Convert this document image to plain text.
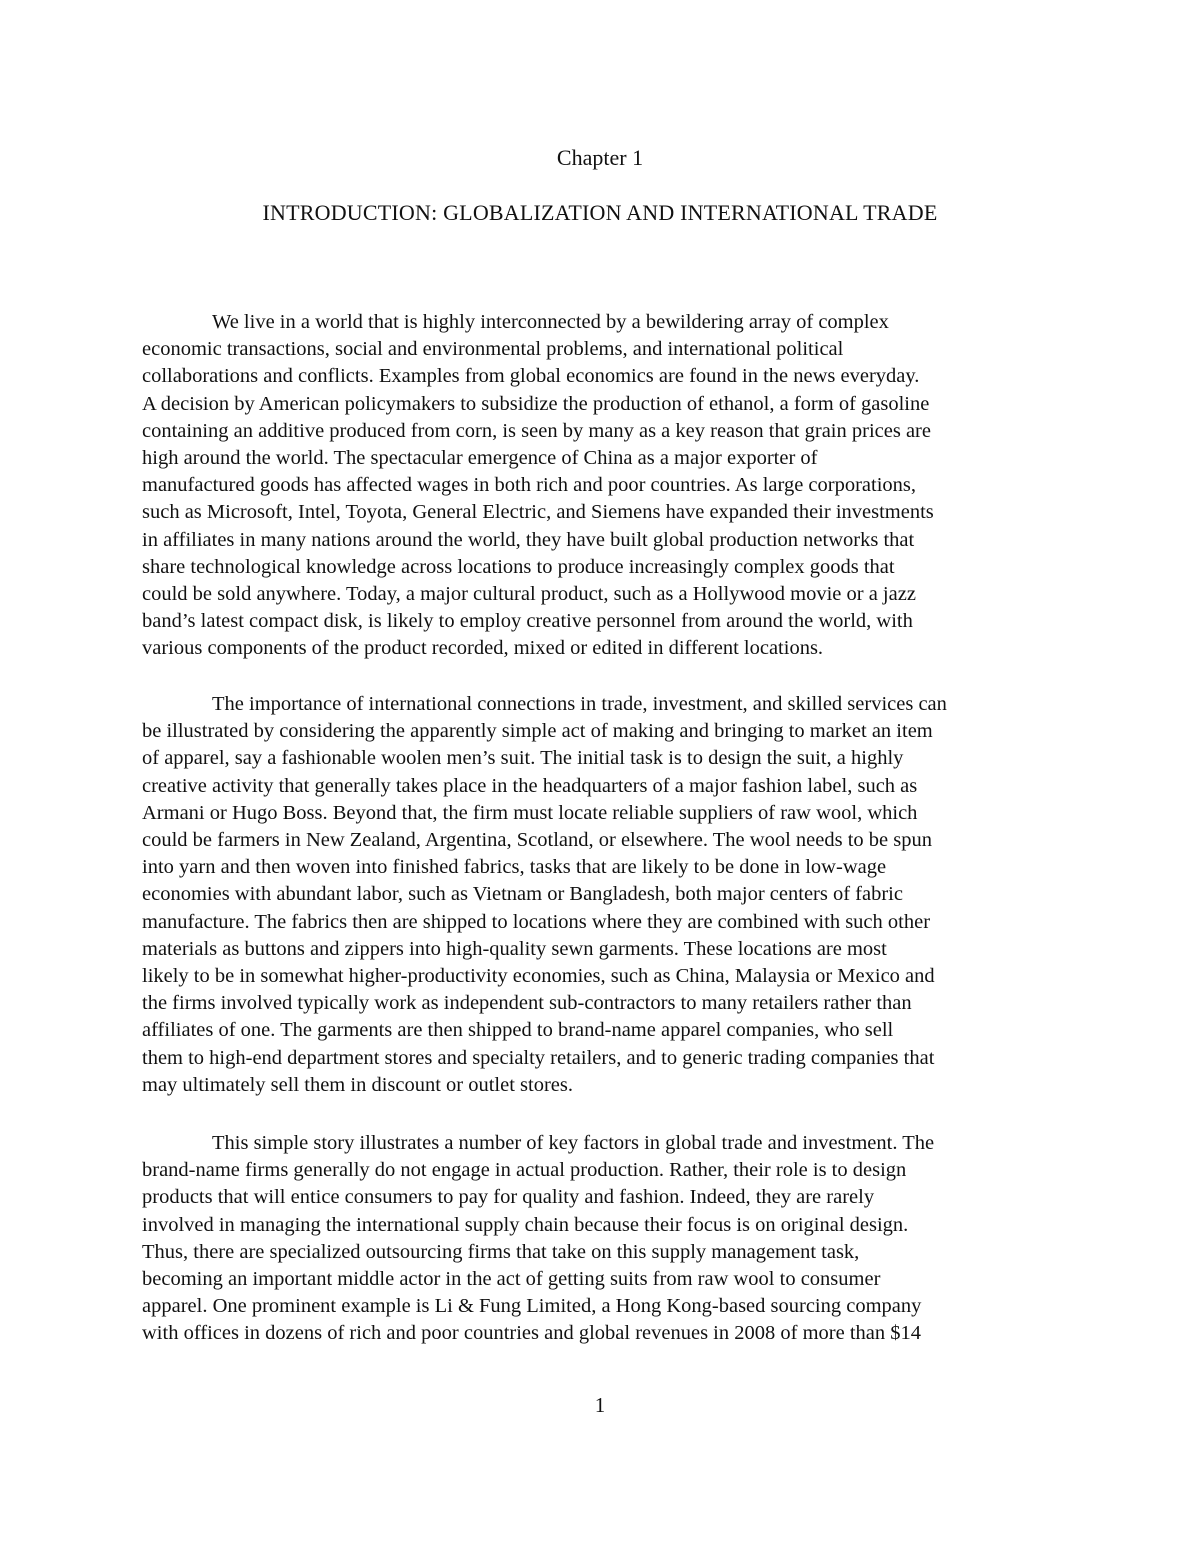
Chapter 1
INTRODUCTION: GLOBALIZATION AND INTERNATIONAL TRADE

We live in a world that is highly interconnected by a bewildering array of complex
economic transactions, social and environmental problems, and international political
collaborations and conflicts. Examples from global economics are found in the news everyday.
A decision by American policymakers to subsidize the production of ethanol, a form of gasoline
containing an additive produced from corn, is seen by many as a key reason that grain prices are
high around the world. The spectacular emergence of China as a major exporter of
manufactured goods has affected wages in both rich and poor countries. As large corporations,
such as Microsoft, Intel, Toyota, General Electric, and Siemens have expanded their investments
in affiliates in many nations around the world, they have built global production networks that
share technological knowledge across locations to produce increasingly complex goods that
could be sold anywhere. Today, a major cultural product, such as a Hollywood movie or a jazz
band’s latest compact disk, is likely to employ creative personnel from around the world, with
various components of the product recorded, mixed or edited in different locations.

The importance of international connections in trade, investment, and skilled services can
be illustrated by considering the apparently simple act of making and bringing to market an item
of apparel, say a fashionable woolen men’s suit. The initial task is to design the suit, a highly
creative activity that generally takes place in the headquarters of a major fashion label, such as
Armani or Hugo Boss. Beyond that, the firm must locate reliable suppliers of raw wool, which
could be farmers in New Zealand, Argentina, Scotland, or elsewhere. The wool needs to be spun
into yarn and then woven into finished fabrics, tasks that are likely to be done in low-wage
economies with abundant labor, such as Vietnam or Bangladesh, both major centers of fabric
manufacture. The fabrics then are shipped to locations where they are combined with such other
materials as buttons and zippers into high-quality sewn garments. These locations are most
likely to be in somewhat higher-productivity economies, such as China, Malaysia or Mexico and
the firms involved typically work as independent sub-contractors to many retailers rather than
affiliates of one. The garments are then shipped to brand-name apparel companies, who sell
them to high-end department stores and specialty retailers, and to generic trading companies that
may ultimately sell them in discount or outlet stores.

This simple story illustrates a number of key factors in global trade and investment. The
brand-name firms generally do not engage in actual production. Rather, their role is to design
products that will entice consumers to pay for quality and fashion. Indeed, they are rarely
involved in managing the international supply chain because their focus is on original design.
Thus, there are specialized outsourcing firms that take on this supply management task,
becoming an important middle actor in the act of getting suits from raw wool to consumer
apparel. One prominent example is Li & Fung Limited, a Hong Kong-based sourcing company
with offices in dozens of rich and poor countries and global revenues in 2008 of more than $14

1
